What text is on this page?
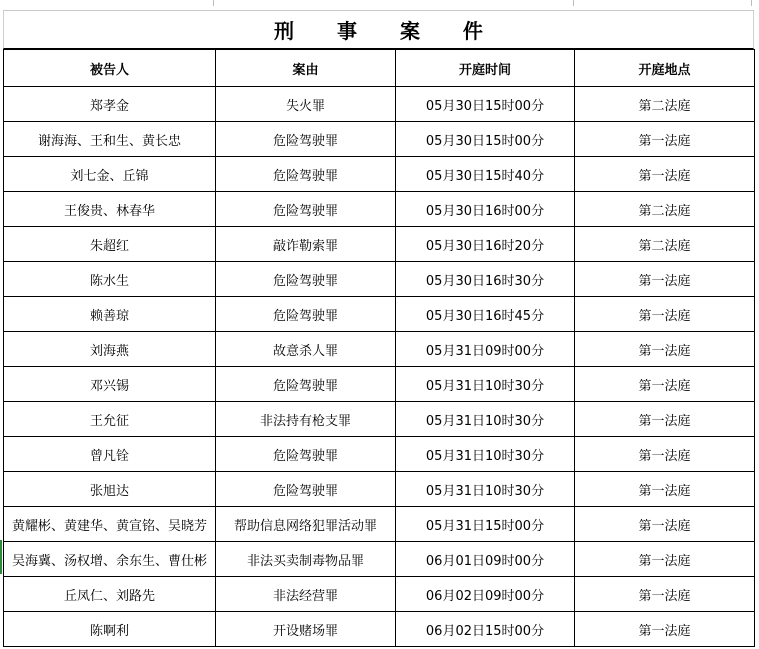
刑 事 案 件
被告人	案由	开庭时间	开庭地点
郑孝金	失火罪	05月30日15时00分	第二法庭
谢海海、王和生、黄长忠	危险驾驶罪	05月30日15时00分	第一法庭
刘七金、丘锦	危险驾驶罪	05月30日15时40分	第一法庭
王俊贵、林春华	危险驾驶罪	05月30日16时00分	第二法庭
朱超红	敲诈勒索罪	05月30日16时20分	第二法庭
陈水生	危险驾驶罪	05月30日16时30分	第一法庭
赖善琼	危险驾驶罪	05月30日16时45分	第一法庭
刘海燕	故意杀人罪	05月31日09时00分	第一法庭
邓兴锡	危险驾驶罪	05月31日10时30分	第一法庭
王允征	非法持有枪支罪	05月31日10时30分	第一法庭
曾凡铨	危险驾驶罪	05月31日10时30分	第一法庭
张旭达	危险驾驶罪	05月31日10时30分	第一法庭
黄耀彬、黄建华、黄宣铭、吴晓芳	帮助信息网络犯罪活动罪	05月31日15时00分	第一法庭
吴海冀、汤权增、余东生、曹仕彬	非法买卖制毒物品罪	06月01日09时00分	第一法庭
丘凤仁、刘路先	非法经营罪	06月02日09时00分	第一法庭
陈啊利	开设赌场罪	06月02日15时00分	第一法庭
